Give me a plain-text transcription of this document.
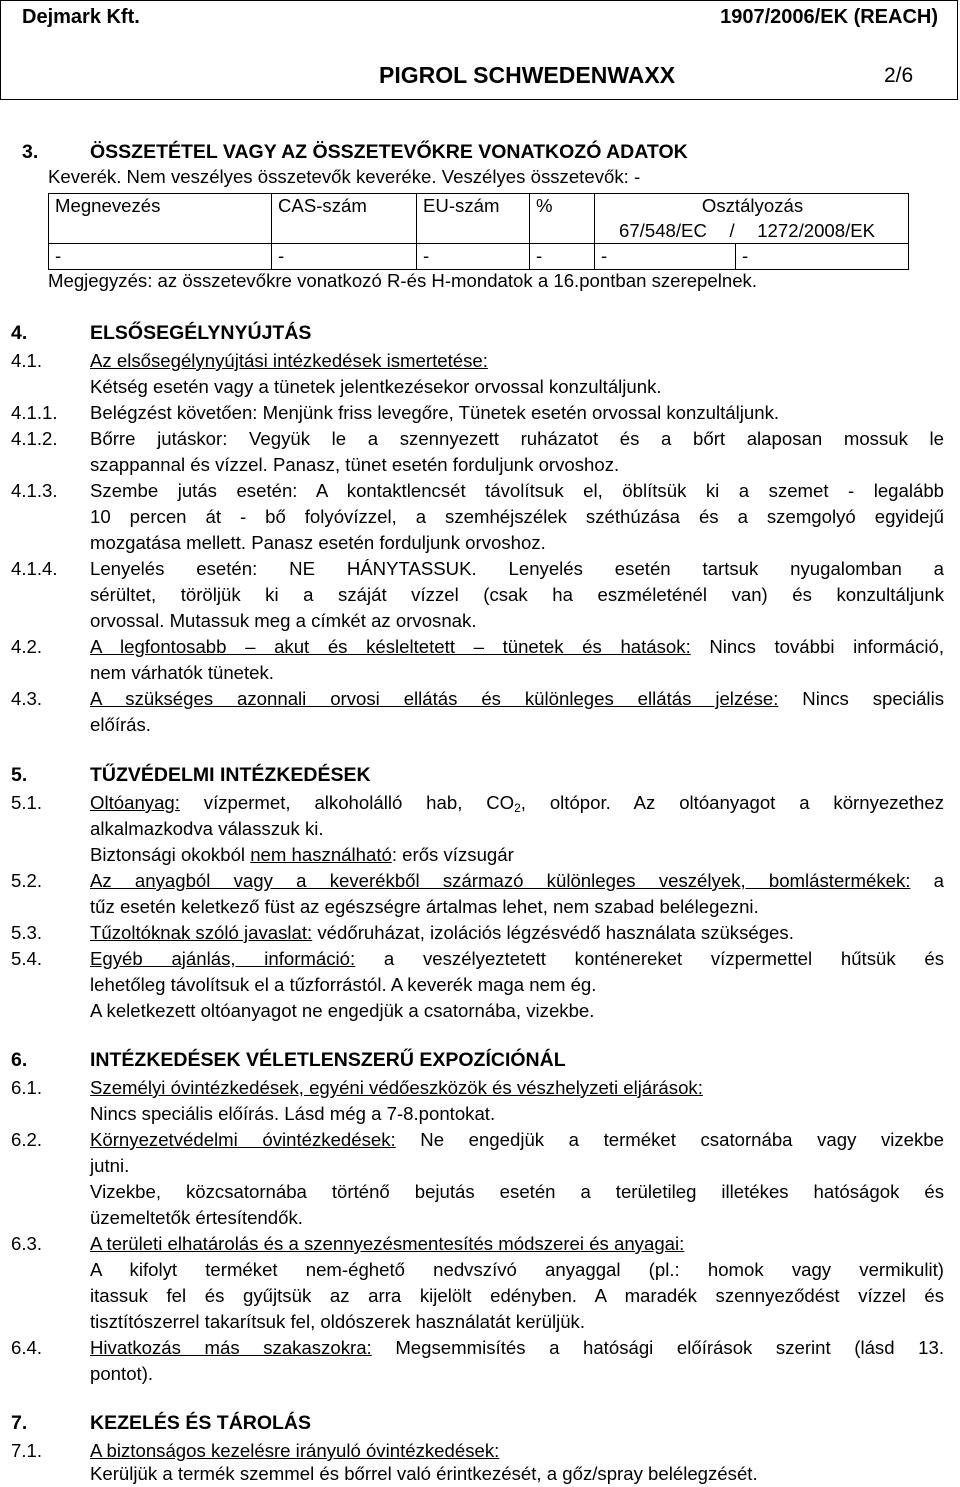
Dejmark Kft.	1907/2006/EK (REACH)
PIGROL SCHWEDENWAXX	2/6
3.	ÖSSZETÉTEL VAGY AZ ÖSSZETEVŐKRE VONATKOZÓ ADATOK
Keverék. Nem veszélyes összetevők keveréke. Veszélyes összetevők: -
Megnevezés	CAS-szám	EU-szám	%	Osztályozás
67/548/EC / 1272/2008/EK	

-	-	-	-	-	-
Megjegyzés: az összetevőkre vonatkozó R-és H-mondatok a 16.pontban szerepelnek.
4.	ELSŐSEGÉLYNYÚJTÁS
4.1.	Az elsősegélynyújtási intézkedések ismertetése:
Kétség esetén vagy a tünetek jelentkezésekor orvossal konzultáljunk.
4.1.1. Belégzést követően: Menjünk friss levegőre, Tünetek esetén orvossal konzultáljunk.
4.1.2. Bőrre jutáskor: Vegyük le a szennyezett ruházatot és a bőrt alaposan mossuk le
szappannal és vízzel. Panasz, tünet esetén forduljunk orvoshoz.
4.1.3. Szembe jutás esetén: A kontaktlencsét távolítsuk el, öblítsük ki a szemet - legalább
10 percen át - bő folyóvízzel, a szemhéjszélek széthúzása és a szemgolyó egyidejű
mozgatása mellett. Panasz esetén forduljunk orvoshoz.
4.1.4. Lenyelés esetén: NE HÁNYTASSUK. Lenyelés esetén tartsuk nyugalomban a
sérültet, töröljük ki a száját vízzel (csak ha eszméleténél van) és konzultáljunk
orvossal. Mutassuk meg a címkét az orvosnak.
4.2.	A legfontosabb – akut és késleltetett – tünetek és hatások: Nincs további információ,
nem várhatók tünetek.
4.3.	A szükséges azonnali orvosi ellátás és különleges ellátás jelzése: Nincs speciális
előírás.
5.	TŰZVÉDELMI INTÉZKEDÉSEK
5.1.	Oltóanyag: vízpermet, alkoholálló hab, $CO_2$, oltópor. Az oltóanyagot a környezethez
alkalmazkodva válasszuk ki.
Biztonsági okokból nem használható: erős vízsugár
5.2.	Az anyagból vagy a keverékből származó különleges veszélyek, bomlástermékek: a
tűz esetén keletkező füst az egészségre ártalmas lehet, nem szabad belélegezni.
5.3.	Tűzoltóknak szóló javaslat: védőruházat, izolációs légzésvédő használata szükséges.
5.4.	Egyéb ajánlás, információ: a veszélyeztetett konténereket vízpermettel hűtsük és
lehetőleg távolítsuk el a tűzforrástól. A keverék maga nem ég.
A keletkezett oltóanyagot ne engedjük a csatornába, vizekbe.
6.	INTÉZKEDÉSEK VÉLETLENSZERŰ EXPOZÍCIÓNÁL
6.1.	Személyi óvintézkedések, egyéni védőeszközök és vészhelyzeti eljárások:
Nincs speciális előírás. Lásd még a 7-8.pontokat.
6.2.	Környezetvédelmi óvintézkedések: Ne engedjük a terméket csatornába vagy vizekbe
jutni.
Vizekbe, közcsatornába történő bejutás esetén a területileg illetékes hatóságok és
üzemeltetők értesítendők.
6.3.	A területi elhatárolás és a szennyezésmentesítés módszerei és anyagai:
A kifolyt terméket nem-éghető nedvszívó anyaggal (pl.: homok vagy vermikulit)
itassuk fel és gyűjtsük az arra kijelölt edényben. A maradék szennyeződést vízzel és
tisztítószerrel takarítsuk fel, oldószerek használatát kerüljük.
6.4.	Hivatkozás más szakaszokra: Megsemmisítés a hatósági előírások szerint (lásd 13.
pontot).
7.	KEZELÉS ÉS TÁROLÁS
7.1.	A biztonságos kezelésre irányuló óvintézkedések:
Kerüljük a termék szemmel és bőrrel való érintkezését, a gőz/spray belélegzését.
